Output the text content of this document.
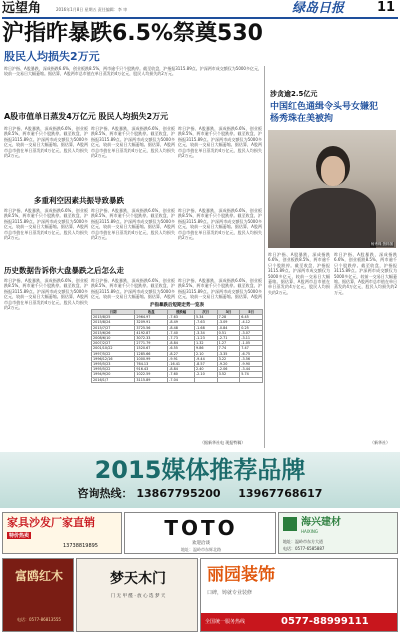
远望角	2016年1月8日 星期五 责任编辑：李 审	绿岛日报	11
沪指昨暴跌6.5%祭奠530
股民人均损失2万元
昨日沪指、A股暴跌，深成指跌6.6%，创业板跌8.5%，两市逾千只个股跌停。截至收盘，沪指报3115.89点。沪深两市成交额仅为5000多亿元，较前一交易日大幅萎缩。据估算，A股两市总市值在单日蒸发约4万亿元，股民人均损失约2万元。
A股市值单日蒸发4万亿元 股民人均损失2万元
昨日沪指、A股暴跌，深成指跌6.6%，创业板跌8.5%，两市逾千只个股跌停。截至收盘，沪指报3115.89点。沪深两市成交额仅为5000多亿元，较前一交易日大幅萎缩。据估算，A股两市总市值在单日蒸发约4万亿元，股民人均损失约2万元。
昨日沪指、A股暴跌，深成指跌6.6%，创业板跌8.5%，两市逾千只个股跌停。截至收盘，沪指报3115.89点。沪深两市成交额仅为5000多亿元，较前一交易日大幅萎缩。据估算，A股两市总市值在单日蒸发约4万亿元，股民人均损失约2万元。
昨日沪指、A股暴跌，深成指跌6.6%，创业板跌8.5%，两市逾千只个股跌停。截至收盘，沪指报3115.89点。沪深两市成交额仅为5000多亿元，较前一交易日大幅萎缩。据估算，A股两市总市值在单日蒸发约4万亿元，股民人均损失约2万元。
多重利空因素共振导致暴跌
昨日沪指、A股暴跌，深成指跌6.6%，创业板跌8.5%，两市逾千只个股跌停。截至收盘，沪指报3115.89点。沪深两市成交额仅为5000多亿元，较前一交易日大幅萎缩。据估算，A股两市总市值在单日蒸发约4万亿元，股民人均损失约2万元。
历史数据告诉你大盘暴跌之后怎么走
昨日沪指、A股暴跌，深成指跌6.6%，创业板跌8.5%，两市逾千只个股跌停。截至收盘，沪指报3115.89点。沪深两市成交额仅为5000多亿元，较前一交易日大幅萎缩。据估算，A股两市总市值在单日蒸发约4万亿元，股民人均损失约2万元。
昨日沪指、A股暴跌，深成指跌6.6%，创业板跌8.5%，两市逾千只个股跌停。截至收盘，沪指报3115.89点。沪深两市成交额仅为5000多亿元，较前一交易日大幅萎缩。据估算，A股两
昨日沪指、A股暴跌，深成指跌6.6%，创业板跌8.5%，两市逾千只个股跌停。截至收盘，沪指报3115.89点。沪深两市成交额仅为5000多亿元，较前一交易日大幅萎缩。据估算，A股两
昨日沪指、A股暴跌，深成指跌6.6%，创业板跌8.5%，两市逾千只个股跌停。截至收盘，沪指报3115.89点。沪深两市成交额仅为5000多亿元，较前一交易日大幅萎缩。据估算，A股两市总市值在单日蒸发约4万亿元，股民人均损失约2万元。
昨日沪指、A股暴跌，深成指跌6.6%，创业板跌8.5%，两市逾千只个股跌停。截至收盘，沪指报3115.89点。沪深两市成交额仅为5000多亿元，较前一交易日大幅萎缩。据估算，A股两市总市值在单日蒸发约4万亿元，股民人均损失约2万元。
沪指暴跌后短期走势一览表
日期	收盘	涨跌幅	次日	3日	5日
2015/8/25	2964.97	-7.63	5.34	7.28	6.45
2015/8/24	3209.91	-8.49	-7.63	-3.09	-4.12
2015/7/27	3725.56	-8.48	-1.68	-0.84	0.25
2015/6/26	4192.87	-7.40	-3.34	0.51	-3.07
2008/6/10	3072.33	-7.73	-1.23	-2.71	-3.11
2007/2/27	2771.79	-8.84	1.32	1.27	-1.05
2001/10/22	1520.67	-6.55	9.86	7.74	7.47
1997/5/22	1285.66	-8.27	2.10	-3.35	-6.75
1996/12/16	1000.99	-9.91	-9.44	3.22	-3.56
1995/5/23	764.13	-16.41	-8.57	-9.20	-9.90
1995/5/22	916.43	-8.84	2.40	-2.06	-3.44
1994/9/20	1022.59	-7.60	-2.10	3.52	5.74
2016/1/7	3115.89	-7.04			
（据新华社电 现报特稿）
涉贪逾2.5亿元
中国红色通缉令头号女嫌犯
杨秀珠在美被拘
杨秀珠 资料图
昨日沪指、A股暴跌，深成指跌6.6%，创业板跌8.5%，两市逾千只个股跌停。截至收盘，沪指报3115.89点。沪深两市成交额仅为5000多亿元，较前一交易日大幅萎缩。据估算，A股两市总市值在单日蒸发约4万亿元，股民人均损失约2万元。
昨日沪指、A股暴跌，深成指跌6.6%，创业板跌8.5%，两市逾千只个股跌停。截至收盘，沪指报3115.89点。沪深两市成交额仅为5000多亿元，较前一交易日大幅萎缩。据估算，A股两市总市值在单日蒸发约4万亿元，股民人均损失约2万元。
（新华社）
2015媒体推荐品牌
咨询热线： 13867795200 13967768617
家具沙发厂家直销
特价热卖
13738819895
TOTO
欢迎洽谈
地址：温岭市东辉北路
海兴建材
HAIXING
地址：温岭市东方大道
电话：0577-6585887
富鸥红木
电话：0577-86813555
梦天木门
门 无 甲 醛 · 放 心 选 梦 天
丽园装饰
口碑，铸就专业装修
全国统一服务热线	0577-88999111
